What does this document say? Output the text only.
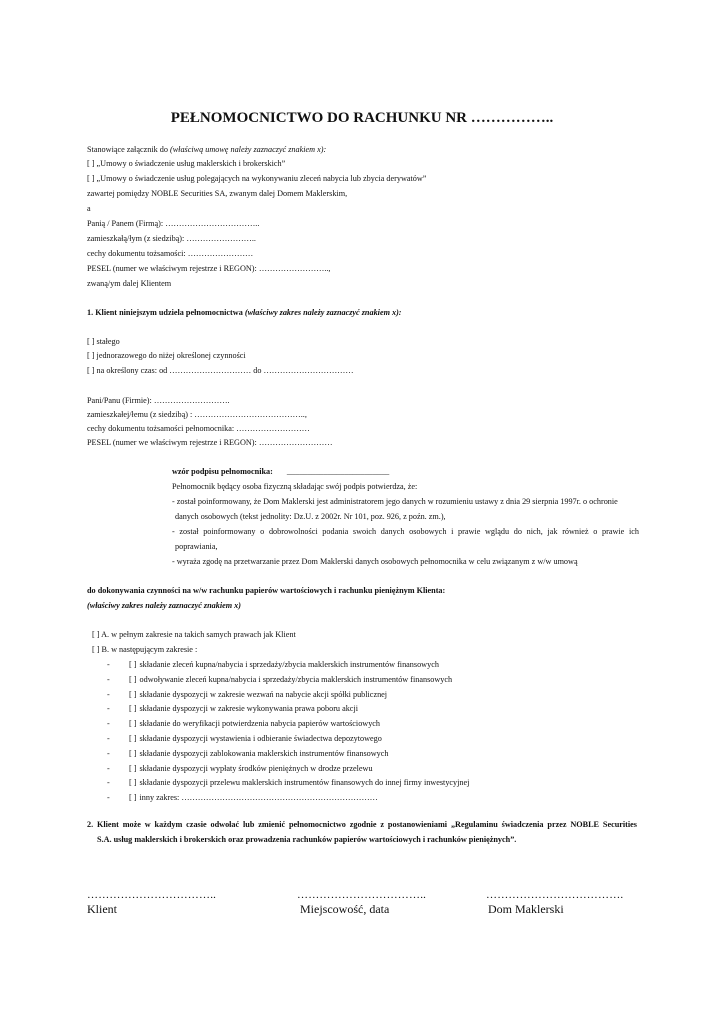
PEŁNOMOCNICTWO DO RACHUNKU NR ……………..
Stanowiące załącznik do (właściwą umowę należy zaznaczyć znakiem x):
[ ] „Umowy o świadczenie usług maklerskich i brokerskich”
[ ] „Umowy o świadczenie usług polegających na wykonywaniu zleceń nabycia lub zbycia derywatów”
zawartej pomiędzy NOBLE Securities SA, zwanym dalej Domem Maklerskim,
a
Panią / Panem (Firmą): ……………………………..
zamieszkałą/łym (z siedzibą): ……………………..
cechy dokumentu tożsamości: ……………………
PESEL (numer we właściwym rejestrze i REGON): ……………………..,
zwaną/ym dalej Klientem
1. Klient niniejszym udziela pełnomocnictwa (właściwy zakres należy zaznaczyć znakiem x):
[ ] stałego
[ ] jednorazowego do niżej określonej czynności
[ ] na określony czas: od ………………………… do ……………………………
Pani/Panu (Firmie): ……………………….
zamieszkałej/łemu (z siedzibą) : …………………………………..,
cechy dokumentu tożsamości pełnomocnika: ………………………
PESEL (numer we właściwym rejestrze i REGON): ………………………
wzór podpisu pełnomocnika: _________________________
Pełnomocnik będący osoba fizyczną składając swój podpis potwierdza, że:
- został poinformowany, że Dom Maklerski jest administratorem jego danych w rozumieniu ustawy z dnia 29 sierpnia 1997r. o ochronie
danych osobowych (tekst jednolity: Dz.U. z 2002r. Nr 101, poz. 926, z poźn. zm.),
- został poinformowany o dobrowolności podania swoich danych osobowych i prawie wglądu do nich, jak również o prawie ich
poprawiania,
- wyraża zgodę na przetwarzanie przez Dom Maklerski danych osobowych pełnomocnika w celu związanym z w/w umową
do dokonywania czynności na w/w rachunku papierów wartościowych i rachunku pieniężnym Klienta:
(właściwy zakres należy zaznaczyć znakiem x)
[ ] A. w pełnym zakresie na takich samych prawach jak Klient
[ ] B. w następującym zakresie :
- [ ] składanie zleceń kupna/nabycia i sprzedaży/zbycia maklerskich instrumentów finansowych
- [ ] odwoływanie zleceń kupna/nabycia i sprzedaży/zbycia maklerskich instrumentów finansowych
- [ ] składanie dyspozycji w zakresie wezwań na nabycie akcji spółki publicznej
- [ ] składanie dyspozycji w zakresie wykonywania prawa poboru akcji
- [ ] składanie do weryfikacji potwierdzenia nabycia papierów wartościowych
- [ ] składanie dyspozycji wystawienia i odbieranie świadectwa depozytowego
- [ ] składanie dyspozycji zablokowania maklerskich instrumentów finansowych
- [ ] składanie dyspozycji wypłaty środków pieniężnych w drodze przelewu
- [ ] składanie dyspozycji przelewu maklerskich instrumentów finansowych do innej firmy inwestycyjnej
- [ ] inny zakres: ………………………………………………………………
2. Klient może w każdym czasie odwołać lub zmienić pełnomocnictwo zgodnie z postanowieniami „Regulaminu świadczenia przez NOBLE Securities
S.A. usług maklerskich i brokerskich oraz prowadzenia rachunków papierów wartościowych i rachunków pieniężnych”.
……………………………..
Klient
……………………………..
Miejscowość, data
……………………………….
Dom Maklerski
